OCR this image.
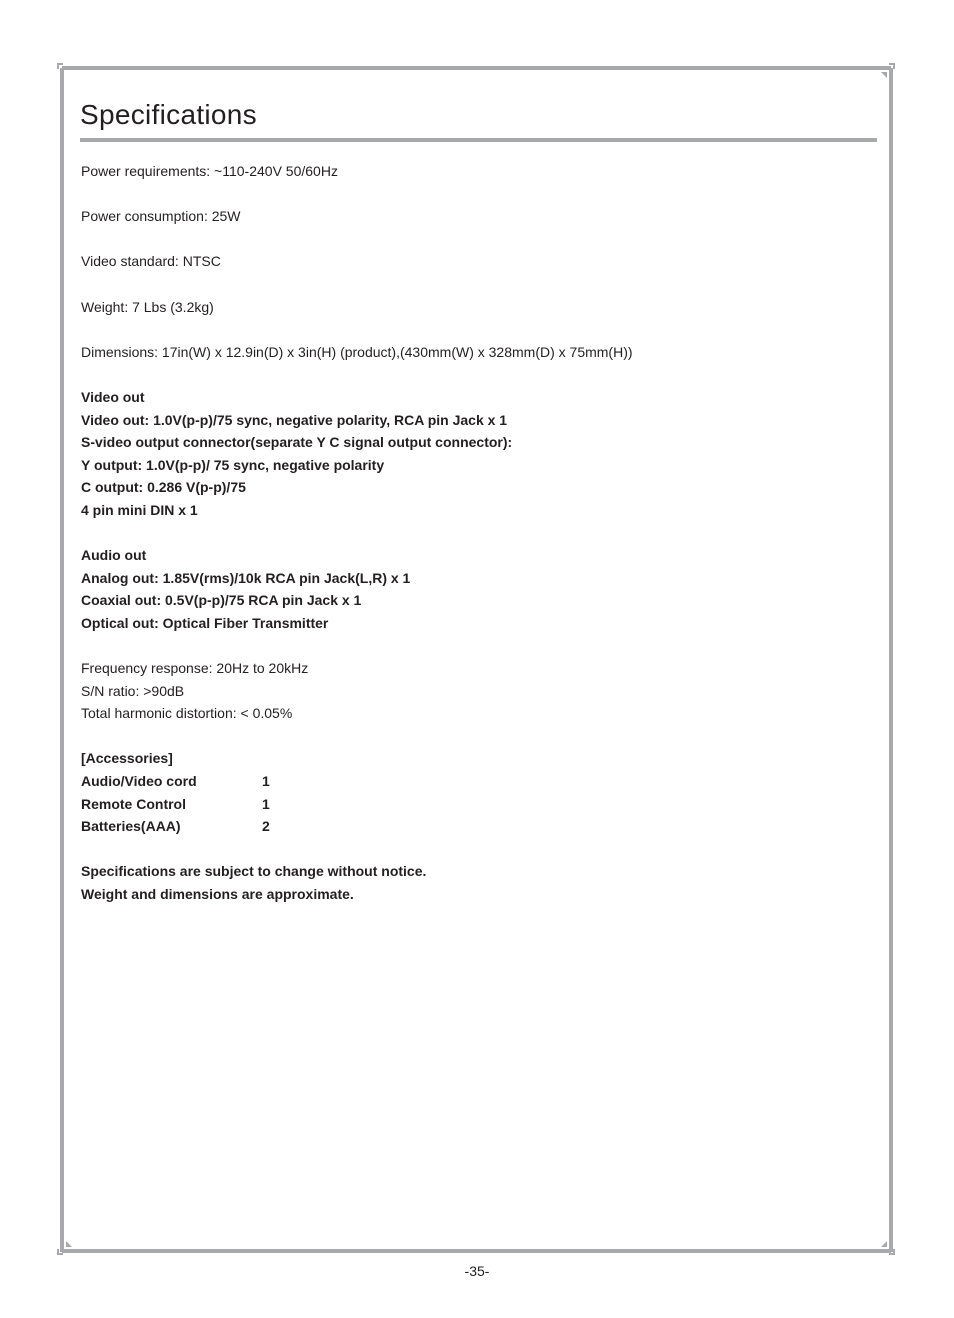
Specifications
Power requirements: ~110-240V 50/60Hz
Power consumption: 25W
Video standard: NTSC
Weight: 7 Lbs (3.2kg)
Dimensions: 17in(W) x 12.9in(D) x 3in(H) (product),(430mm(W) x 328mm(D) x 75mm(H))
Video out
Video out: 1.0V(p-p)/75 sync, negative polarity, RCA pin Jack x 1
S-video output connector(separate Y C signal output connector):
Y output: 1.0V(p-p)/ 75 sync, negative polarity
C output: 0.286 V(p-p)/75
4 pin mini DIN x 1
Audio out
Analog out: 1.85V(rms)/10k RCA pin Jack(L,R) x 1
Coaxial out: 0.5V(p-p)/75 RCA pin Jack x 1
Optical out: Optical Fiber Transmitter
Frequency response: 20Hz to 20kHz
S/N ratio: >90dB
Total harmonic distortion: < 0.05%
[Accessories]
Audio/Video cord	1
Remote Control	1
Batteries(AAA)	2
Specifications are subject to change without notice.
Weight and dimensions are approximate.
-35-
